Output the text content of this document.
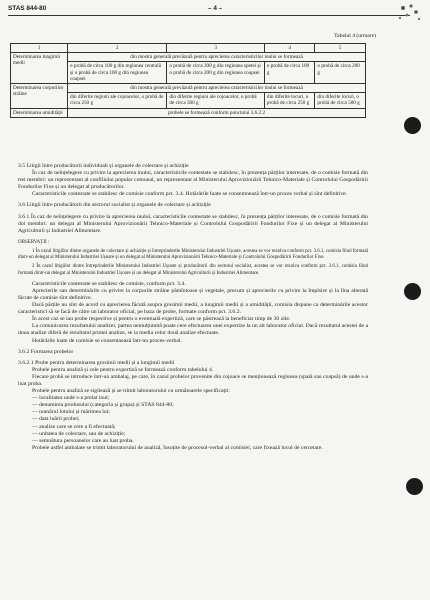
STAS 844-80	– 4 –
Tabelul 4 (urmare)
1	2	3	4	5
Determinarea lungimii medii	din mostra generală prevăzută pentru aprecierea caracteristicilor inului se formează			
	o probă de circa 100 g din regiunea centrală și o probă de circa 100 g din regiunea coapsei	o probă de circa 200 g din regiunea spetei și o probă de circa 200 g din regiunea coapsei	o probă de circa 100 g	o probă de circa 200 g
Determinarea corpurilor străine	din mostra generală prevăzută pentru aprecierea caracteristicilor inului se formează			
	din diferite regiuni ale cojoacelor, o probă de circa 250 g	din diferite regiuni ale cojoacelor, o probă de circa 500 g	din diferite locuri, o probă de circa 250 g	din diferite locuri, o probă de circa 500 g
Determinarea umidității	probele se formează conform punctului 3.6.2.2			

3.5 Litigii între producătorii individuali și organele de colectare și achiziție

În caz de neînțelegere cu privire la aprecierea inului, caracteristicile contestate se stabilesc, în prezența părților interesate, de o comisie formată din trei membri: un reprezentant al confiliului popular comunal, un reprezentant al Ministerului Aprovizionării Tehnico-Materiale și Controlului Gospodăririi Fondurilor Fixe și un delegat al producătorilor.

Caracteristicile contestate se stabilesc de comisie conform pct. 3.4. Hotărârile luate se consemnează într-un proces verbal și sînt definitive.

3.6 Litigii între producătorii din sectorul socialist și organele de colectare și achiziție

3.6.1 În caz de neînțelegere cu privire la aprecierea inului, caracteristicile contestate se stabilesc, în prezența părților interesate, de o comisie formată din doi membri: un delegat al Ministerului Aprovizionării Tehnico-Materiale și Controlului Gospodăririi Fondurilor Fixe și un delegat al Ministerului Agriculturii și Industriei Alimentare.

OBSERVAȚII :

1 În cazul litigiilor dintre organele de colectare și achiziție și întreprinderile Ministerului Industriei Ușoare, acestea se vor rezolva conform pct. 3.6.1, comisia fiind formată dintr-un delegat al Ministerului Industriei Ușoare și un delegat al Ministerului Aprovizionării Tehnico-Materiale și Controlului Gospodăririi Fondurilor Fixe.

2 În cazul litigiilor dintre întreprinderile Ministerului Industriei Ușoare și producătorii din sectorul socialist, acestea se vor rezolva conform pct. 3.6.1, comisia fiind formată dintr-un delegat al Ministerului Industriei Ușoare și un delegat al Ministerului Agriculturii și Industriei Alimentare.

Caracteristicile contestate se stabilesc de comisie, conform pct. 3.4.

Aprecierile san determinările cu privire la corpurile străine pămîntoase și vegetale, precum și aprecierile cu privire la împlsire și la lîna alterată făcute de comisie sînt definitive.

Dacă părțile nu sînt de acord cu aprecierea făcută asupra grosimii medii, a lungimii medii și a umidității, comisia dispune ca determinările acestor caracteristici să se facă de către un laborator oficial, pe baza de probe, formate conform pct. 3.6.2.

În acest caz se iau probe respective și pentru o eventuală expertiză, care se păstrează la beneficiar timp de 30 zile.

La comunicarea rezultatului analizei, partea nemulțumită poate cere efectuarea unei expertize la un alt laborator oficial. Dacă rezultatul acestei de a doua analize diferă de rezultatul primei analize, se ia media celor două analize efectuate.

Hotărârile luate de comisie se consemnează într-un proces-verbal.

3.6.2 Formarea probelor

3.6.2.1 Probe pentru determinarea grosimii medii și a lungimii medii

Probele pentru analiză și cele pentru expertiză se formează conform tabelului 4.

Fiecare probă se introduce într-un ambalaj, pe care, în cazul probelor provenite din cojoace se menționează regiunea (spată sau coapsă) de unde s-a luat proba.

Probele pentru analiză se sigilează și se trimit laboratorului cu următoarele specificații:

— localitatea unde s-a prelat inul;

— denumirea produsului (categoria și grupa) și STAS 844-80;

— numărul lotului și mărimea lui;

— data luării probei;

— analize care se cere a fi efectuată;

— unitatea de colectare, sau de achiziție;

— semnătura persoanelor care au luat proba.

Probele astfel ambalate se trimit laboratorului de analiză, însoțite de procesul-verbal al comisiei, care fixează locul de cercetare.
